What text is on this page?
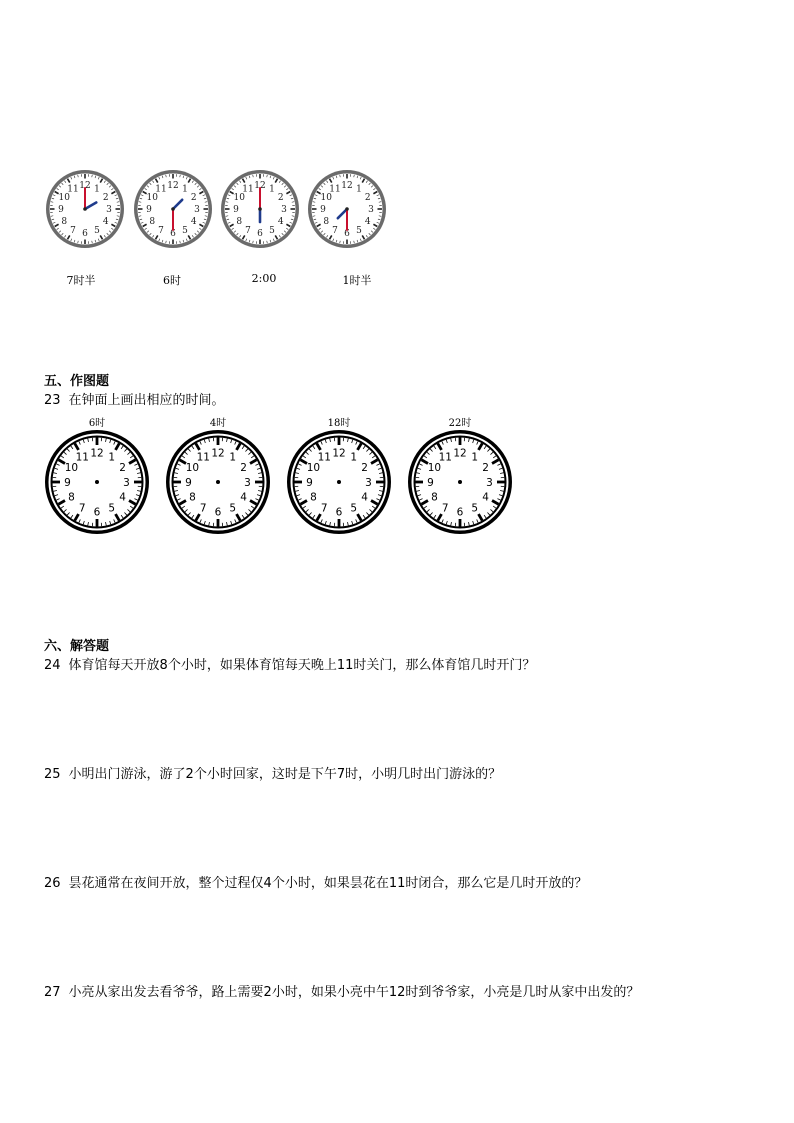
1
2
3
4
5
6
7
8
9
10
11 12	1
2
3
4
5
6
7
8
9
10
11 12	1
2
3
4
5
6
7
8
9
10
11 12	1
2
3
4
5
6
7
8
9
10
11 12
7时半	6时	2:00	1时半
五、作图题
23 在钟面上画出相应的时间。
6时	4时	18时	22时
1
2
3
4
5
6
7
8
9
10
11 12	1
2
3
4
5
6
7
8
9
10
11 12	1
2
3
4
5
6
7
8
9
10
11 12	1
2
3
4
5
6
7
8
9
10
11 12
六、解答题
24 体育馆每天开放8个小时，如果体育馆每天晚上11时关门，那么体育馆几时开门？
25 小明出门游泳，游了2个小时回家，这时是下午7时，小明几时出门游泳的？
26 昙花通常在夜间开放，整个过程仅4个小时，如果昙花在11时闭合，那么它是几时开放的？
27 小亮从家出发去看爷爷，路上需要2小时，如果小亮中午12时到爷爷家，小亮是几时从家中出发的？
